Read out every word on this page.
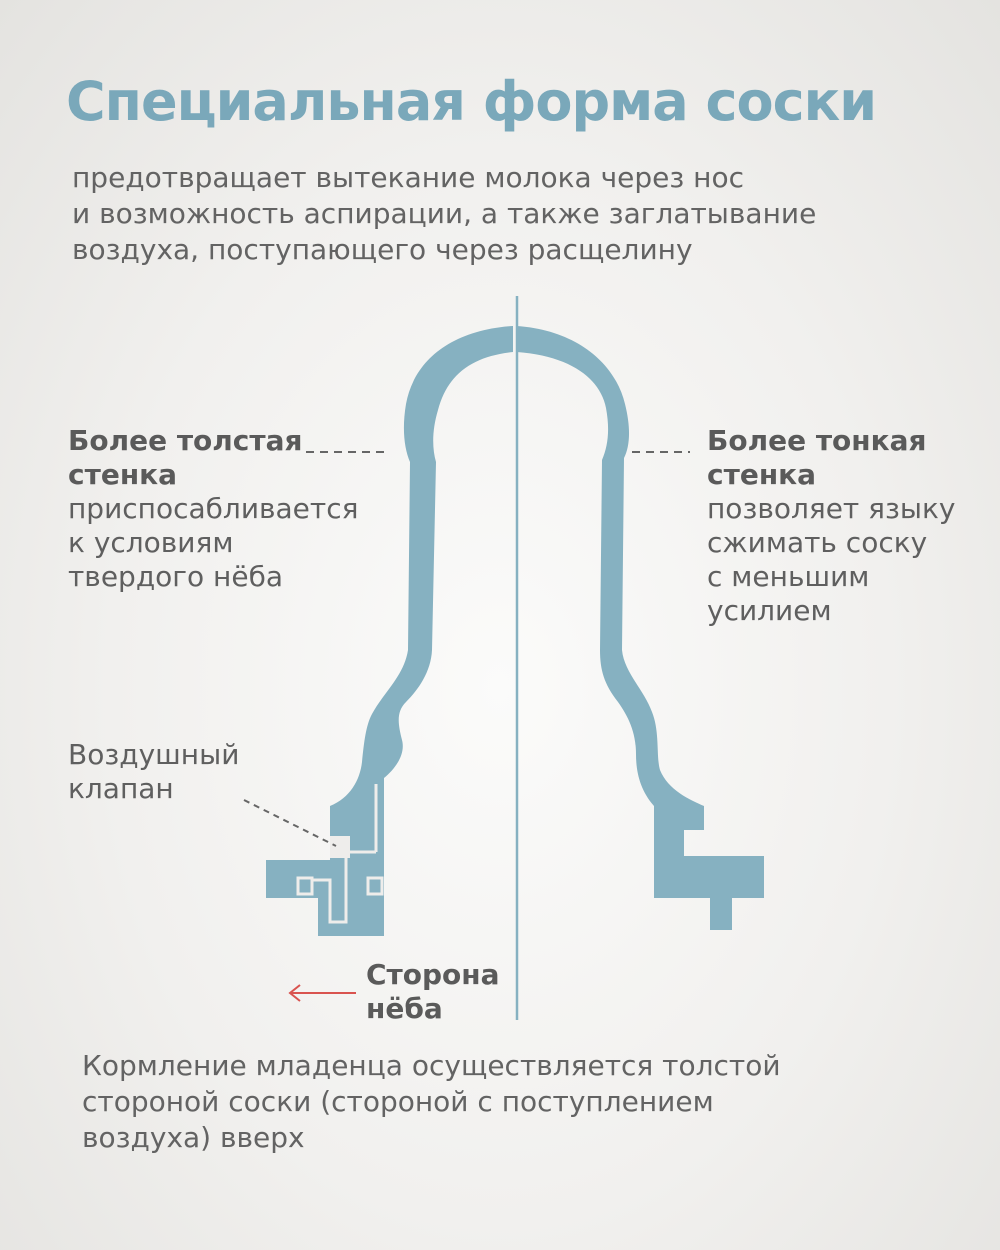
Специальная форма соски
предотвращает вытекание молока через нос
и возможность аспирации, а также заглатывание
воздуха, поступающего через расщелину
Более толстая
стенка
приспосабливается
к условиям
твердого нёба
Более тонкая
стенка
позволяет языку
сжимать соску
с меньшим
усилием
Воздушный
клапан
Сторона
нёба
Кормление младенца осуществляется толстой
стороной соски (стороной с поступлением
воздуха) вверх
